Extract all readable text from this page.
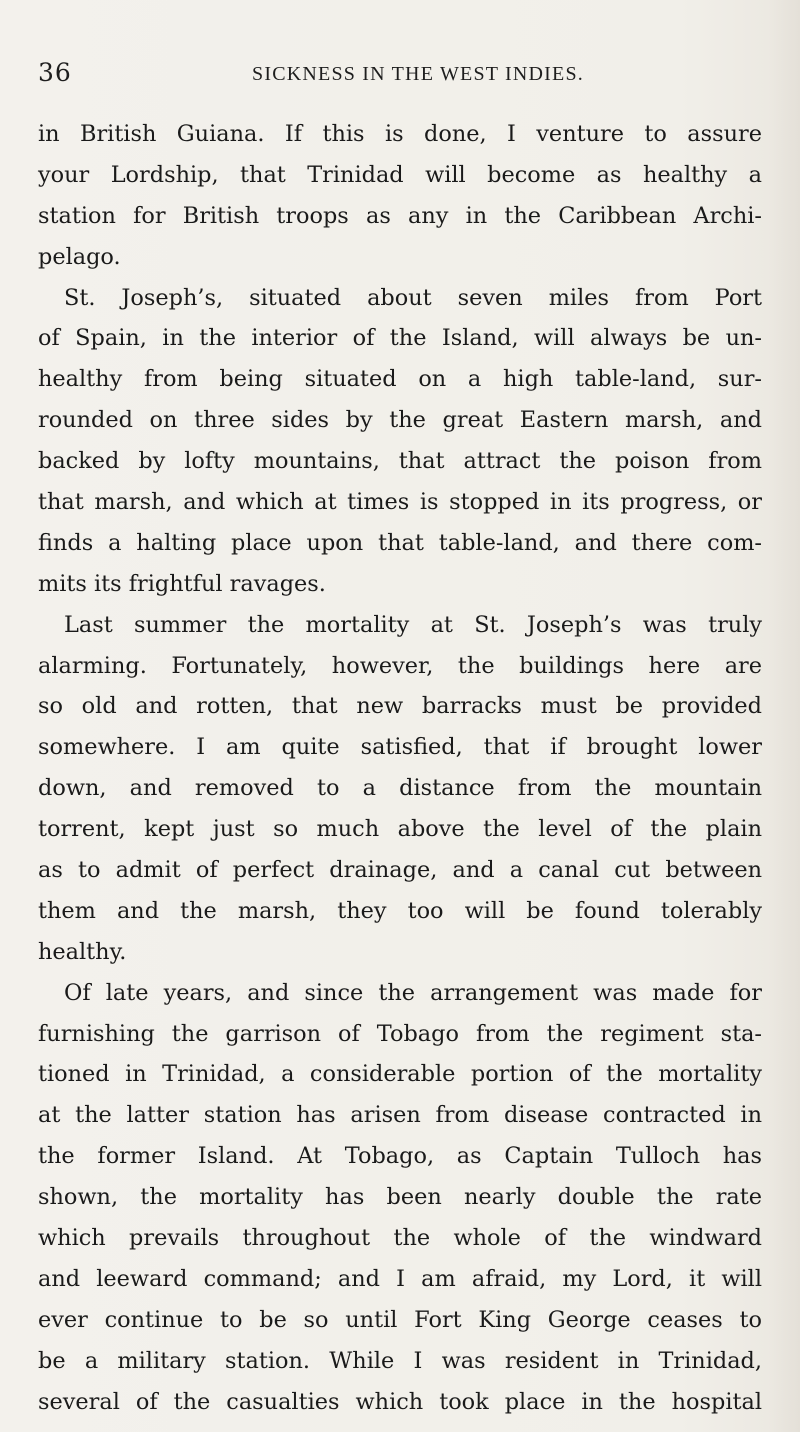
36	SICKNESS IN THE WEST INDIES.
in British Guiana. If this is done, I venture to assure
your Lordship, that Trinidad will become as healthy a
station for British troops as any in the Caribbean Archi-
pelago.
St. Joseph’s, situated about seven miles from Port
of Spain, in the interior of the Island, will always be un-
healthy from being situated on a high table-land, sur-
rounded on three sides by the great Eastern marsh, and
backed by lofty mountains, that attract the poison from
that marsh, and which at times is stopped in its progress, or
finds a halting place upon that table-land, and there com-
mits its frightful ravages.
Last summer the mortality at St. Joseph’s was truly
alarming. Fortunately, however, the buildings here are
so old and rotten, that new barracks must be provided
somewhere. I am quite satisfied, that if brought lower
down, and removed to a distance from the mountain
torrent, kept just so much above the level of the plain
as to admit of perfect drainage, and a canal cut between
them and the marsh, they too will be found tolerably
healthy.
Of late years, and since the arrangement was made for
furnishing the garrison of Tobago from the regiment sta-
tioned in Trinidad, a considerable portion of the mortality
at the latter station has arisen from disease contracted in
the former Island. At Tobago, as Captain Tulloch has
shown, the mortality has been nearly double the rate
which prevails throughout the whole of the windward
and leeward command; and I am afraid, my Lord, it will
ever continue to be so until Fort King George ceases to
be a military station. While I was resident in Trinidad,
several of the casualties which took place in the hospital
